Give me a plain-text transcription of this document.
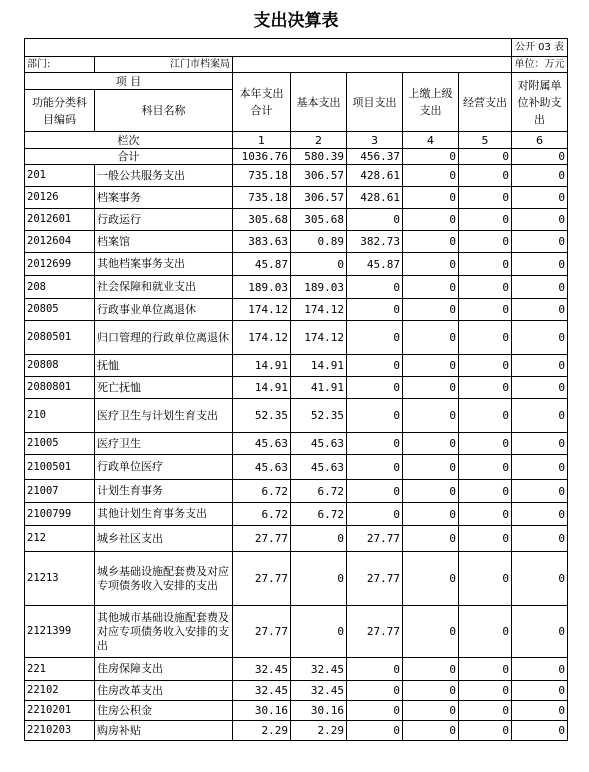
支出决算表							
							公开 03 表
部门:	江门市档案局						单位：万元
项 目		本年支出合计	基本支出	项目支出	上缴上级支出	经营支出	对附属单位补助支出
功能分类科目编码	科目名称						
栏次		1	2	3	4	5	6
合计		1036.76	580.39	456.37	0	0	0
201	一般公共服务支出	735.18	306.57	428.61	0	0	0
20126	档案事务	735.18	306.57	428.61	0	0	0
2012601	行政运行	305.68	305.68	0	0	0	0
2012604	档案馆	383.63	0.89	382.73	0	0	0
2012699	其他档案事务支出	45.87	0	45.87	0	0	0
208	社会保障和就业支出	189.03	189.03	0	0	0	0
20805	行政事业单位离退休	174.12	174.12	0	0	0	0
2080501	归口管理的行政单位离退休	174.12	174.12	0	0	0	0
20808	抚恤	14.91	14.91	0	0	0	0
2080801	死亡抚恤	14.91	41.91	0	0	0	0
210	医疗卫生与计划生育支出	52.35	52.35	0	0	0	0
21005	医疗卫生	45.63	45.63	0	0	0	0
2100501	行政单位医疗	45.63	45.63	0	0	0	0
21007	计划生育事务	6.72	6.72	0	0	0	0
2100799	其他计划生育事务支出	6.72	6.72	0	0	0	0
212	城乡社区支出	27.77	0	27.77	0	0	0
21213	城乡基础设施配套费及对应专项债务收入安排的支出	27.77	0	27.77	0	0	0
2121399	其他城市基础设施配套费及对应专项债务收入安排的支出	27.77	0	27.77	0	0	0
221	住房保障支出	32.45	32.45	0	0	0	0
22102	住房改革支出	32.45	32.45	0	0	0	0
2210201	住房公积金	30.16	30.16	0	0	0	0
2210203	购房补贴	2.29	2.29	0	0	0	0
